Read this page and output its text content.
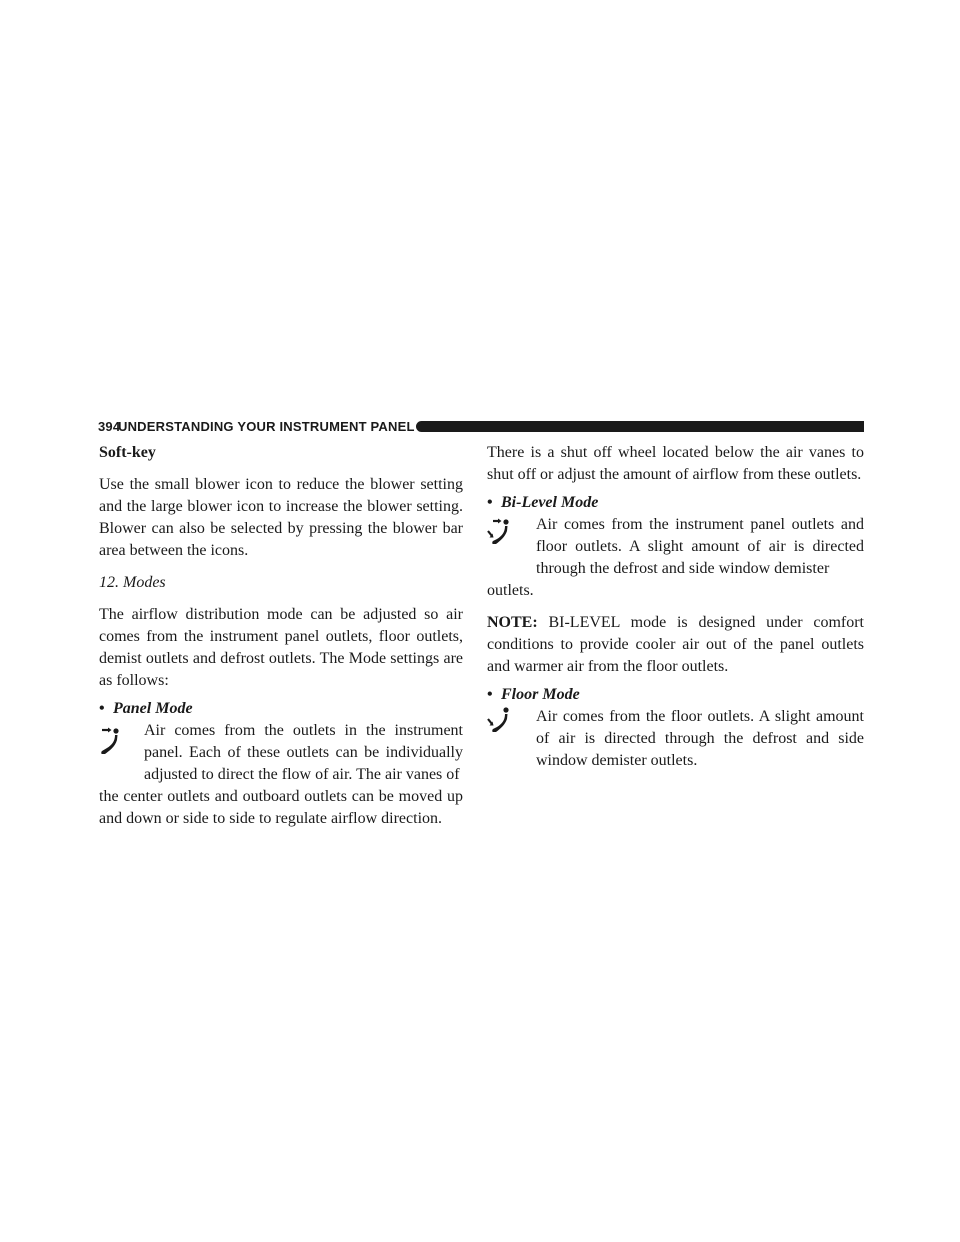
394
UNDERSTANDING YOUR INSTRUMENT PANEL
Soft-key

Use the small blower icon to reduce the blower setting and the large blower icon to increase the blower setting. Blower can also be selected by pressing the blower bar area between the icons.

12. Modes

The airflow distribution mode can be adjusted so air comes from the instrument panel outlets, floor outlets, demist outlets and defrost outlets. The Mode settings are as follows:

• Panel Mode

Air comes from the outlets in the instrument panel. Each of these outlets can be individually adjusted to direct the flow of air. The air vanes of

the center outlets and outboard outlets can be moved up and down or side to side to regulate airflow direction.

There is a shut off wheel located below the air vanes to shut off or adjust the amount of airflow from these outlets.

• Bi-Level Mode

Air comes from the instrument panel outlets and floor outlets. A slight amount of air is directed through the defrost and side window demister

outlets.

NOTE: BI-LEVEL mode is designed under comfort conditions to provide cooler air out of the panel outlets and warmer air from the floor outlets.

• Floor Mode

Air comes from the floor outlets. A slight amount of air is directed through the defrost and side window demister outlets.
